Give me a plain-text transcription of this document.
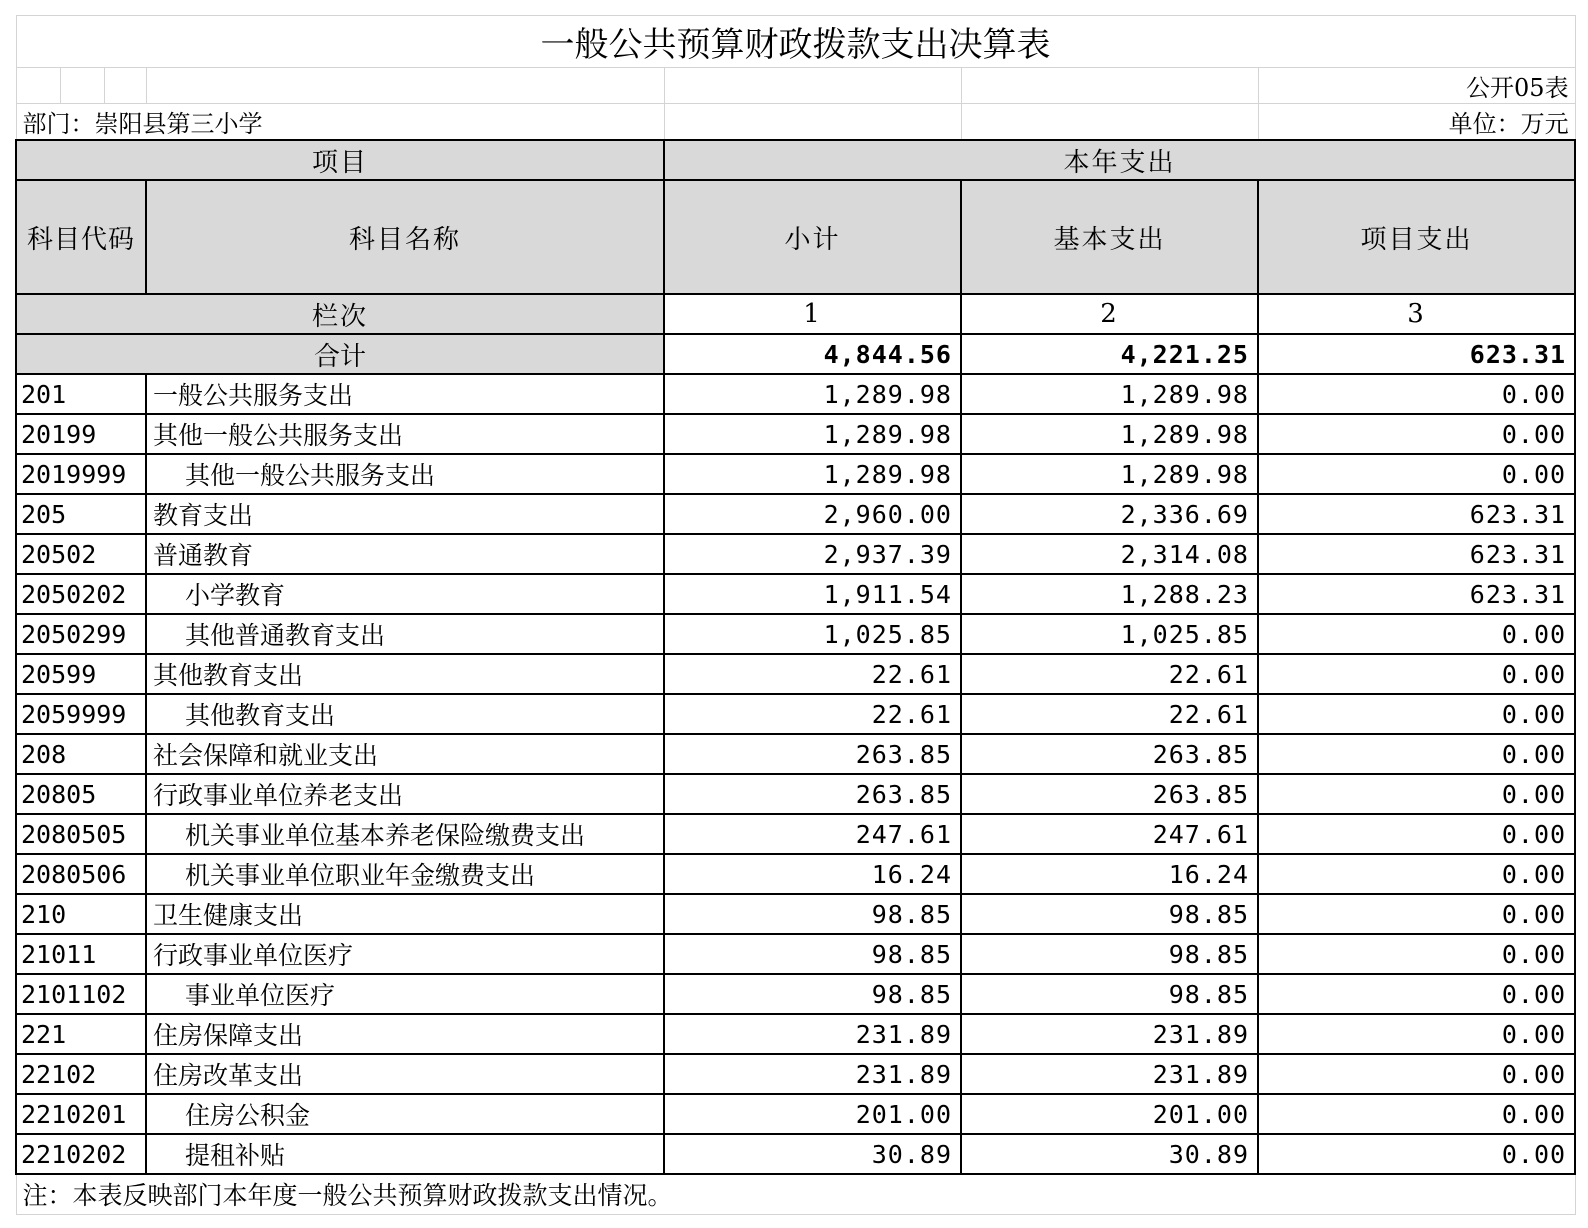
一般公共预算财政拨款支出决算表						
						公开05表
部门：崇阳县第三小学						单位：万元
项目				本年支出		
科目代码			科目名称	小计	基本支出	项目支出
栏次				1	2	3
合计				4,844.56	4,221.25	623.31
201			一般公共服务支出	1,289.98	1,289.98	0.00
20199			其他一般公共服务支出	1,289.98	1,289.98	0.00
2019999			其他一般公共服务支出	1,289.98	1,289.98	0.00
205			教育支出	2,960.00	2,336.69	623.31
20502			普通教育	2,937.39	2,314.08	623.31
2050202			小学教育	1,911.54	1,288.23	623.31
2050299			其他普通教育支出	1,025.85	1,025.85	0.00
20599			其他教育支出	22.61	22.61	0.00
2059999			其他教育支出	22.61	22.61	0.00
208			社会保障和就业支出	263.85	263.85	0.00
20805			行政事业单位养老支出	263.85	263.85	0.00
2080505			机关事业单位基本养老保险缴费支出	247.61	247.61	0.00
2080506			机关事业单位职业年金缴费支出	16.24	16.24	0.00
210			卫生健康支出	98.85	98.85	0.00
21011			行政事业单位医疗	98.85	98.85	0.00
2101102			事业单位医疗	98.85	98.85	0.00
221			住房保障支出	231.89	231.89	0.00
22102			住房改革支出	231.89	231.89	0.00
2210201			住房公积金	201.00	201.00	0.00
2210202			提租补贴	30.89	30.89	0.00
注：本表反映部门本年度一般公共预算财政拨款支出情况。						
